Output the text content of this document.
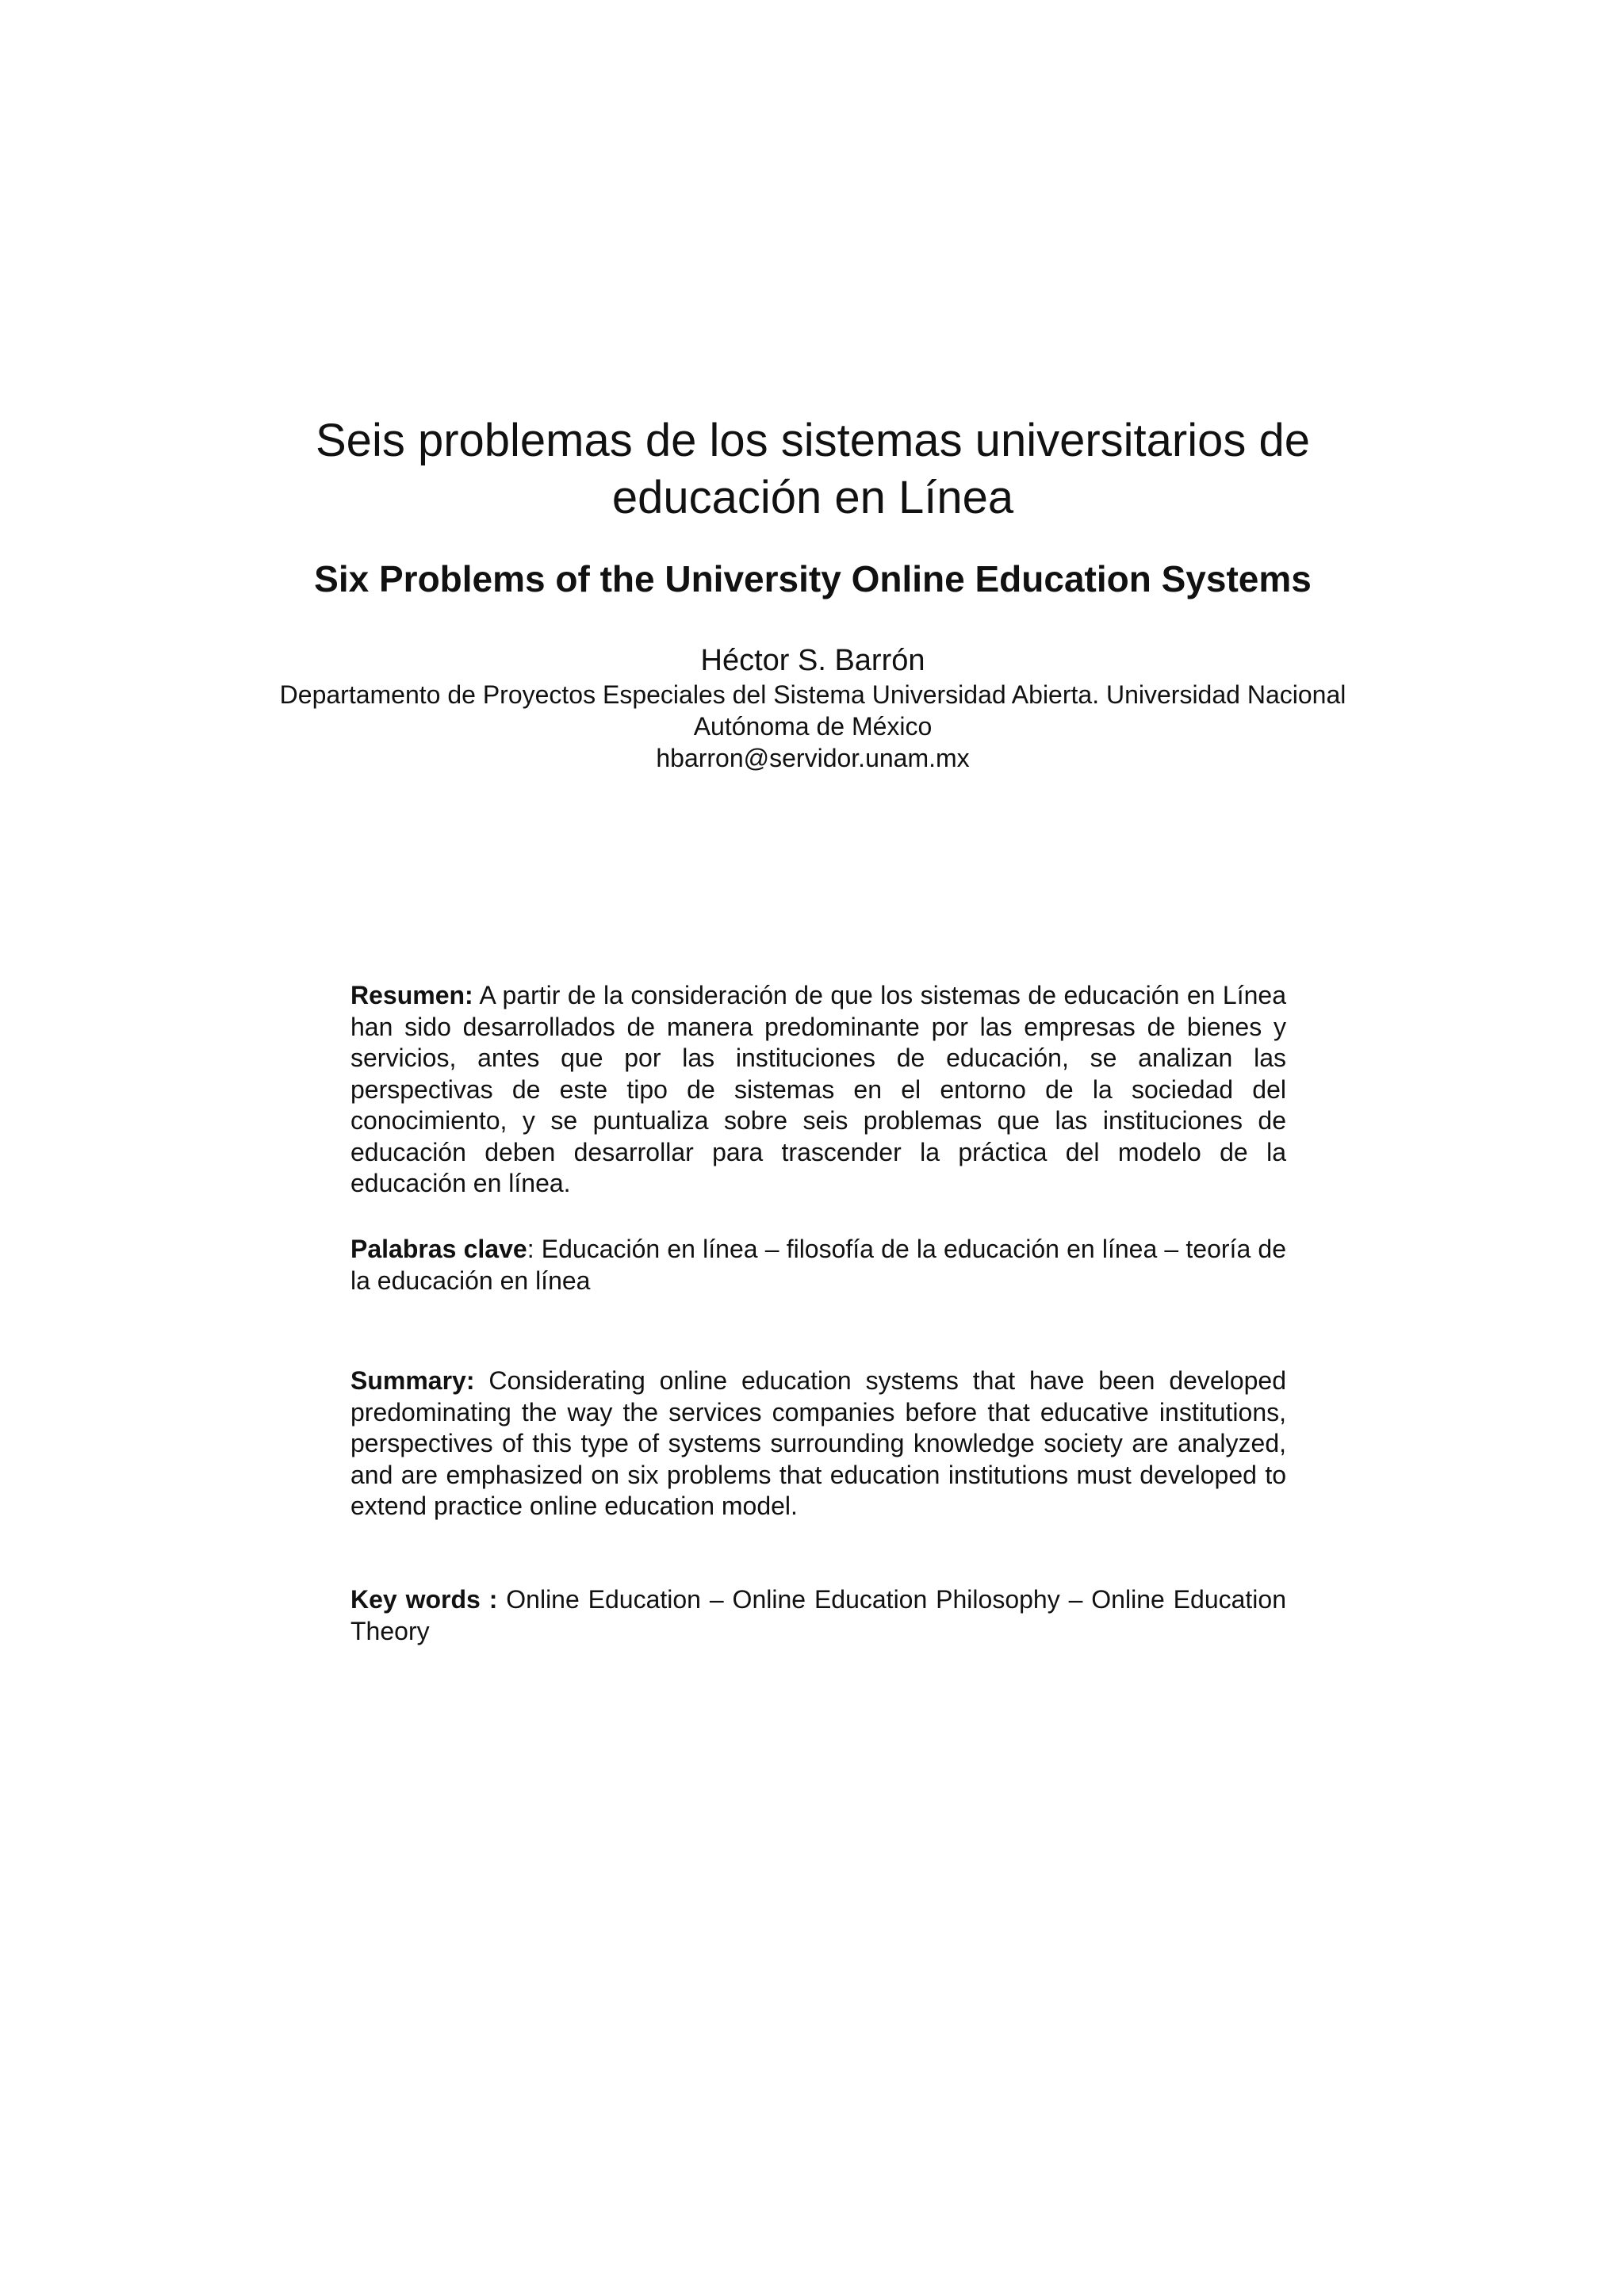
Seis problemas de los sistemas universitarios de
educación en Línea
Six Problems of the University Online Education Systems

Héctor S. Barrón

Departamento de Proyectos Especiales del Sistema Universidad Abierta. Universidad Nacional
Autónoma de México
hbarron@servidor.unam.mx

Resumen: A partir de la consideración de que los sistemas de educación en Línea han sido desarrollados de manera predominante por las empresas de bienes y servicios, antes que por las instituciones de educación, se analizan las perspectivas de este tipo de sistemas en el entorno de la sociedad del conocimiento, y se puntualiza sobre seis problemas que las instituciones de educación deben desarrollar para trascender la práctica del modelo de la educación en línea.

Palabras clave: Educación en línea – filosofía de la educación en línea – teoría de la educación en línea

Summary: Considerating online education systems that have been developed predominating the way the services companies before that educative institutions, perspectives of this type of systems surrounding knowledge society are analyzed, and are emphasized on six problems that education institutions must developed to extend practice online education model.

Key words : Online Education – Online Education Philosophy – Online Education Theory
